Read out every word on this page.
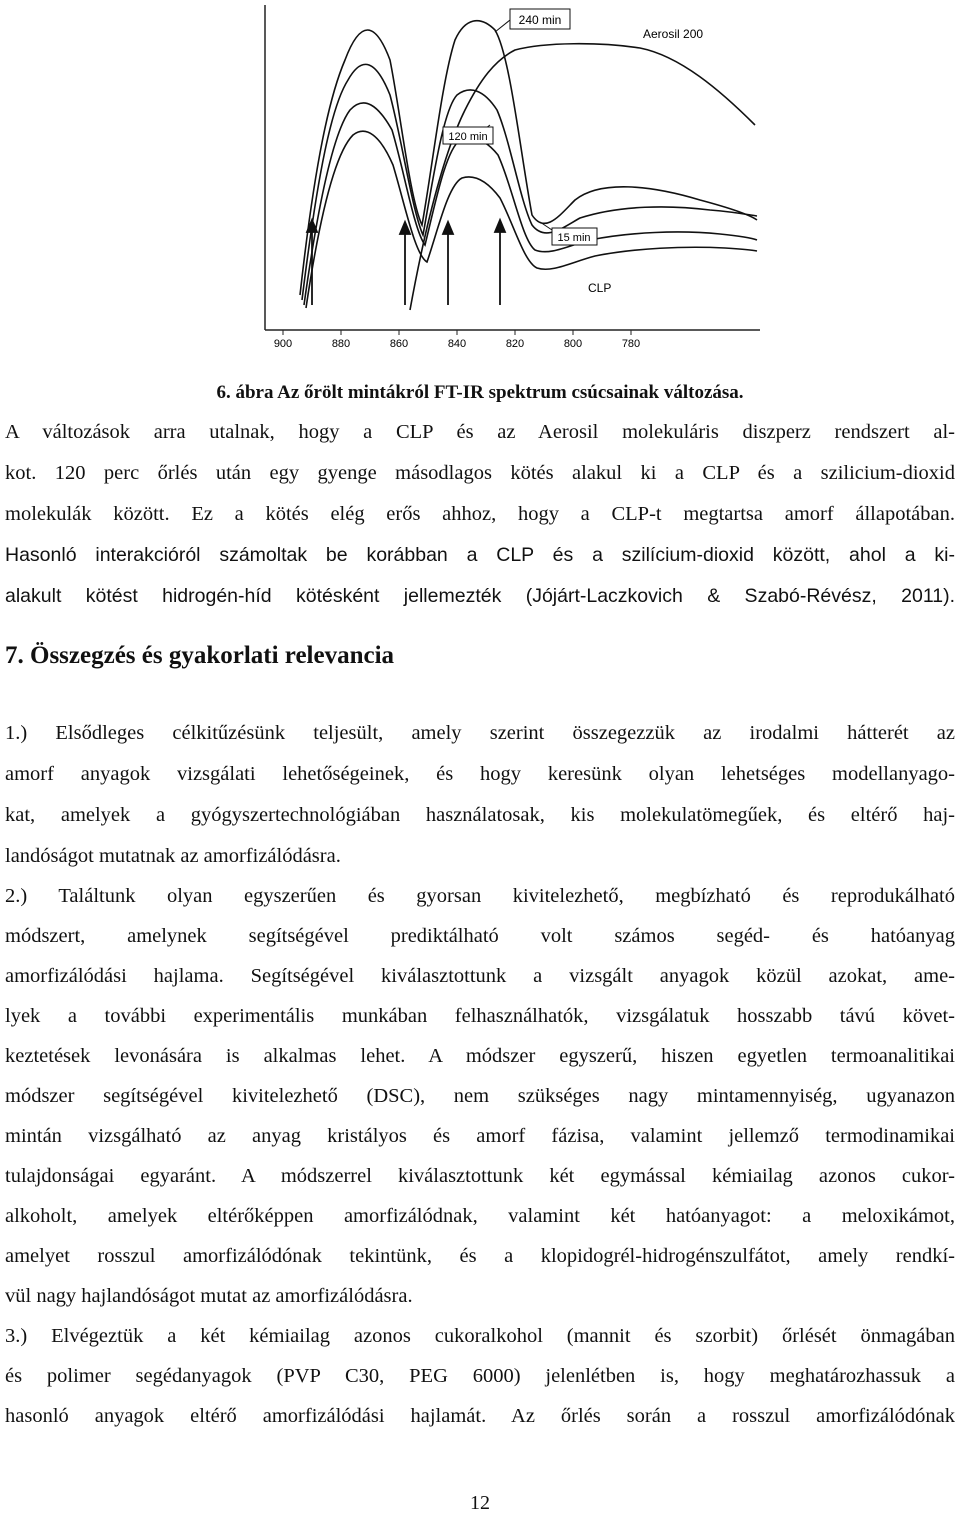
900	880	860	840	820	800	780
240 min
Aerosil 200
120 min
15 min
CLP
6. ábra Az őrölt mintákról FT-IR spektrum csúcsainak változása.

A változások arra utalnak, hogy a CLP és az Aerosil molekuláris diszperz rendszert al-

kot. 120 perc őrlés után egy gyenge másodlagos kötés alakul ki a CLP és a szilicium-dioxid

molekulák között. Ez a kötés elég erős ahhoz, hogy a CLP-t megtartsa amorf állapotában.

Hasonló interakcióról számoltak be korábban a CLP és a szilícium-dioxid között, ahol a ki-

alakult kötést hidrogén-híd kötésként jellemezték (Jójárt-Laczkovich & Szabó-Révész, 2011).

7. Összegzés és gyakorlati relevancia

1.) Elsődleges célkitűzésünk teljesült, amely szerint összegezzük az irodalmi hátterét az

amorf anyagok vizsgálati lehetőségeinek, és hogy keresünk olyan lehetséges modellanyago-

kat, amelyek a gyógyszertechnológiában használatosak, kis molekulatömegűek, és eltérő haj-

landóságot mutatnak az amorfizálódásra.

2.) Találtunk olyan egyszerűen és gyorsan kivitelezhető, megbízható és reprodukálható

módszert, amelynek segítségével prediktálható volt számos segéd- és hatóanyag

amorfizálódási hajlama. Segítségével kiválasztottunk a vizsgált anyagok közül azokat, ame-

lyek a további experimentális munkában felhasználhatók, vizsgálatuk hosszabb távú követ-

keztetések levonására is alkalmas lehet. A módszer egyszerű, hiszen egyetlen termoanalitikai

módszer segítségével kivitelezhető (DSC), nem szükséges nagy mintamennyiség, ugyanazon

mintán vizsgálható az anyag kristályos és amorf fázisa, valamint jellemző termodinamikai

tulajdonságai egyaránt. A módszerrel kiválasztottunk két egymással kémiailag azonos cukor-

alkoholt, amelyek eltérőképpen amorfizálódnak, valamint két hatóanyagot: a meloxikámot,

amelyet rosszul amorfizálódónak tekintünk, és a klopidogrél-hidrogénszulfátot, amely rendkí-

vül nagy hajlandóságot mutat az amorfizálódásra.

3.) Elvégeztük a két kémiailag azonos cukoralkohol (mannit és szorbit) őrlését önmagában

és polimer segédanyagok (PVP C30, PEG 6000) jelenlétben is, hogy meghatározhassuk a

hasonló anyagok eltérő amorfizálódási hajlamát. Az őrlés során a rosszul amorfizálódónak

12
